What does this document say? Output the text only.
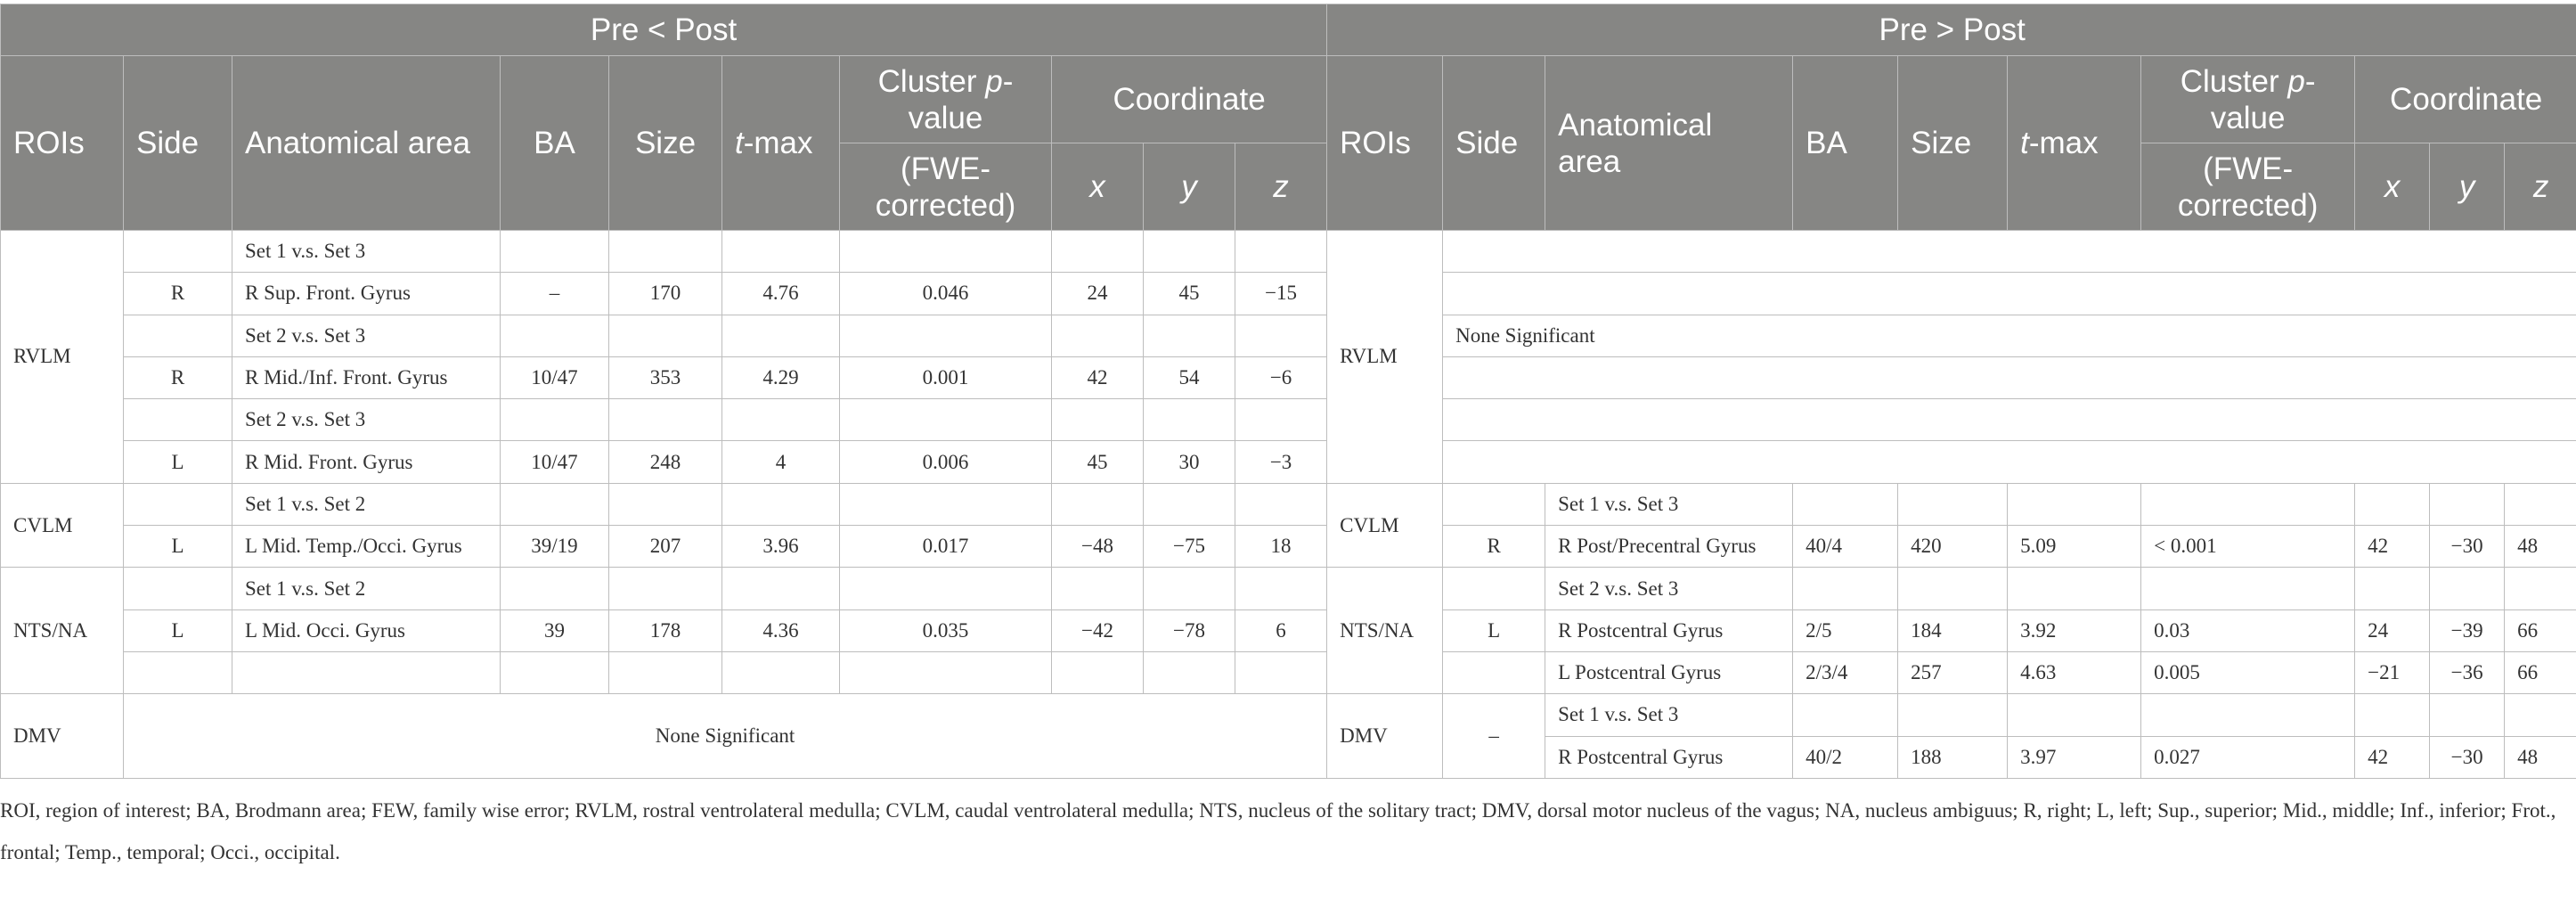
Pre < Post										Pre > Post									
ROIs	Side	Anatomical area	BA	Size	t-max	Cluster p-value	Coordinate			ROIs	Side	Anatomical area	BA	Size	t-max	Cluster p-value	Coordinate		
						(FWE-corrected)	x	y	z							(FWE-corrected)	x	y	z
RVLM		Set 1 v.s. Set 3								RVLM									
	R	R Sup. Front. Gyrus	–	170	4.76	0.046	24	45	−15										
		Set 2 v.s. Set 3									None Significant								
	R	R Mid./Inf. Front. Gyrus	10/47	353	4.29	0.001	42	54	−6										
		Set 2 v.s. Set 3																	
	L	R Mid. Front. Gyrus	10/47	248	4	0.006	45	30	−3										
CVLM		Set 1 v.s. Set 2								CVLM		Set 1 v.s. Set 3							
	L	L Mid. Temp./Occi. Gyrus	39/19	207	3.96	0.017	−48	−75	18		R	R Post/Precentral Gyrus	40/4	420	5.09	< 0.001	42	−30	48
NTS/NA		Set 1 v.s. Set 2								NTS/NA		Set 2 v.s. Set 3							
	L	L Mid. Occi. Gyrus	39	178	4.36	0.035	−42	−78	6		L	R Postcentral Gyrus	2/5	184	3.92	0.03	24	−39	66
												L Postcentral Gyrus	2/3/4	257	4.63	0.005	−21	−36	66
DMV	None Significant									DMV	–	Set 1 v.s. Set 3							
												R Postcentral Gyrus	40/2	188	3.97	0.027	42	−30	48
ROI, region of interest; BA, Brodmann area; FEW, family wise error; RVLM, rostral ventrolateral medulla; CVLM, caudal ventrolateral medulla; NTS, nucleus of the solitary tract; DMV, dorsal motor nucleus of the vagus; NA, nucleus ambiguus; R, right; L, left; Sup., superior; Mid., middle; Inf., inferior; Frot., frontal; Temp., temporal; Occi., occipital.
